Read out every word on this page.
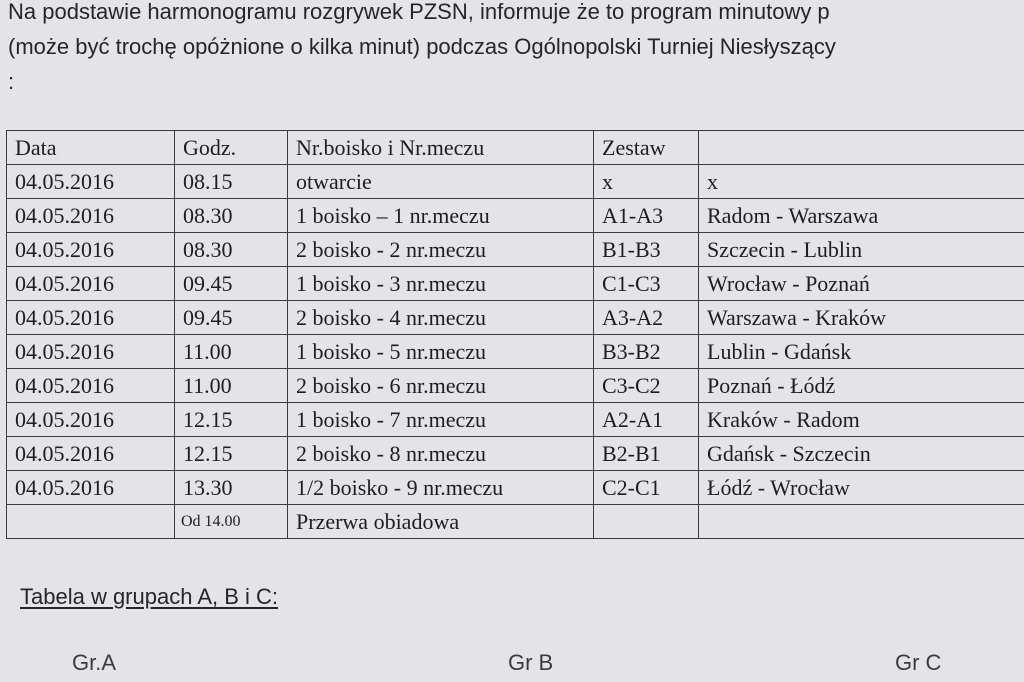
Na podstawie harmonogramu rozgrywek PZSN, informuje że to program minutowy p
(może być trochę opóżnione o kilka minut) podczas Ogólnopolski Turniej Niesłyszący
:
Data	Godz.	Nr.boisko i Nr.meczu	Zestaw	
04.05.2016	08.15	otwarcie	x	x
04.05.2016	08.30	1 boisko – 1 nr.meczu	A1-A3	Radom - Warszawa
04.05.2016	08.30	2 boisko - 2 nr.meczu	B1-B3	Szczecin - Lublin
04.05.2016	09.45	1 boisko - 3 nr.meczu	C1-C3	Wrocław - Poznań
04.05.2016	09.45	2 boisko - 4 nr.meczu	A3-A2	Warszawa - Kraków
04.05.2016	11.00	1 boisko - 5 nr.meczu	B3-B2	Lublin - Gdańsk
04.05.2016	11.00	2 boisko - 6 nr.meczu	C3-C2	Poznań - Łódź
04.05.2016	12.15	1 boisko - 7 nr.meczu	A2-A1	Kraków - Radom
04.05.2016	12.15	2 boisko - 8 nr.meczu	B2-B1	Gdańsk - Szczecin
04.05.2016	13.30	1/2 boisko - 9 nr.meczu	C2-C1	Łódź - Wrocław
	Od 14.00	Przerwa obiadowa		
Tabela w grupach A, B i C:
Gr.A	Gr B	Gr C
